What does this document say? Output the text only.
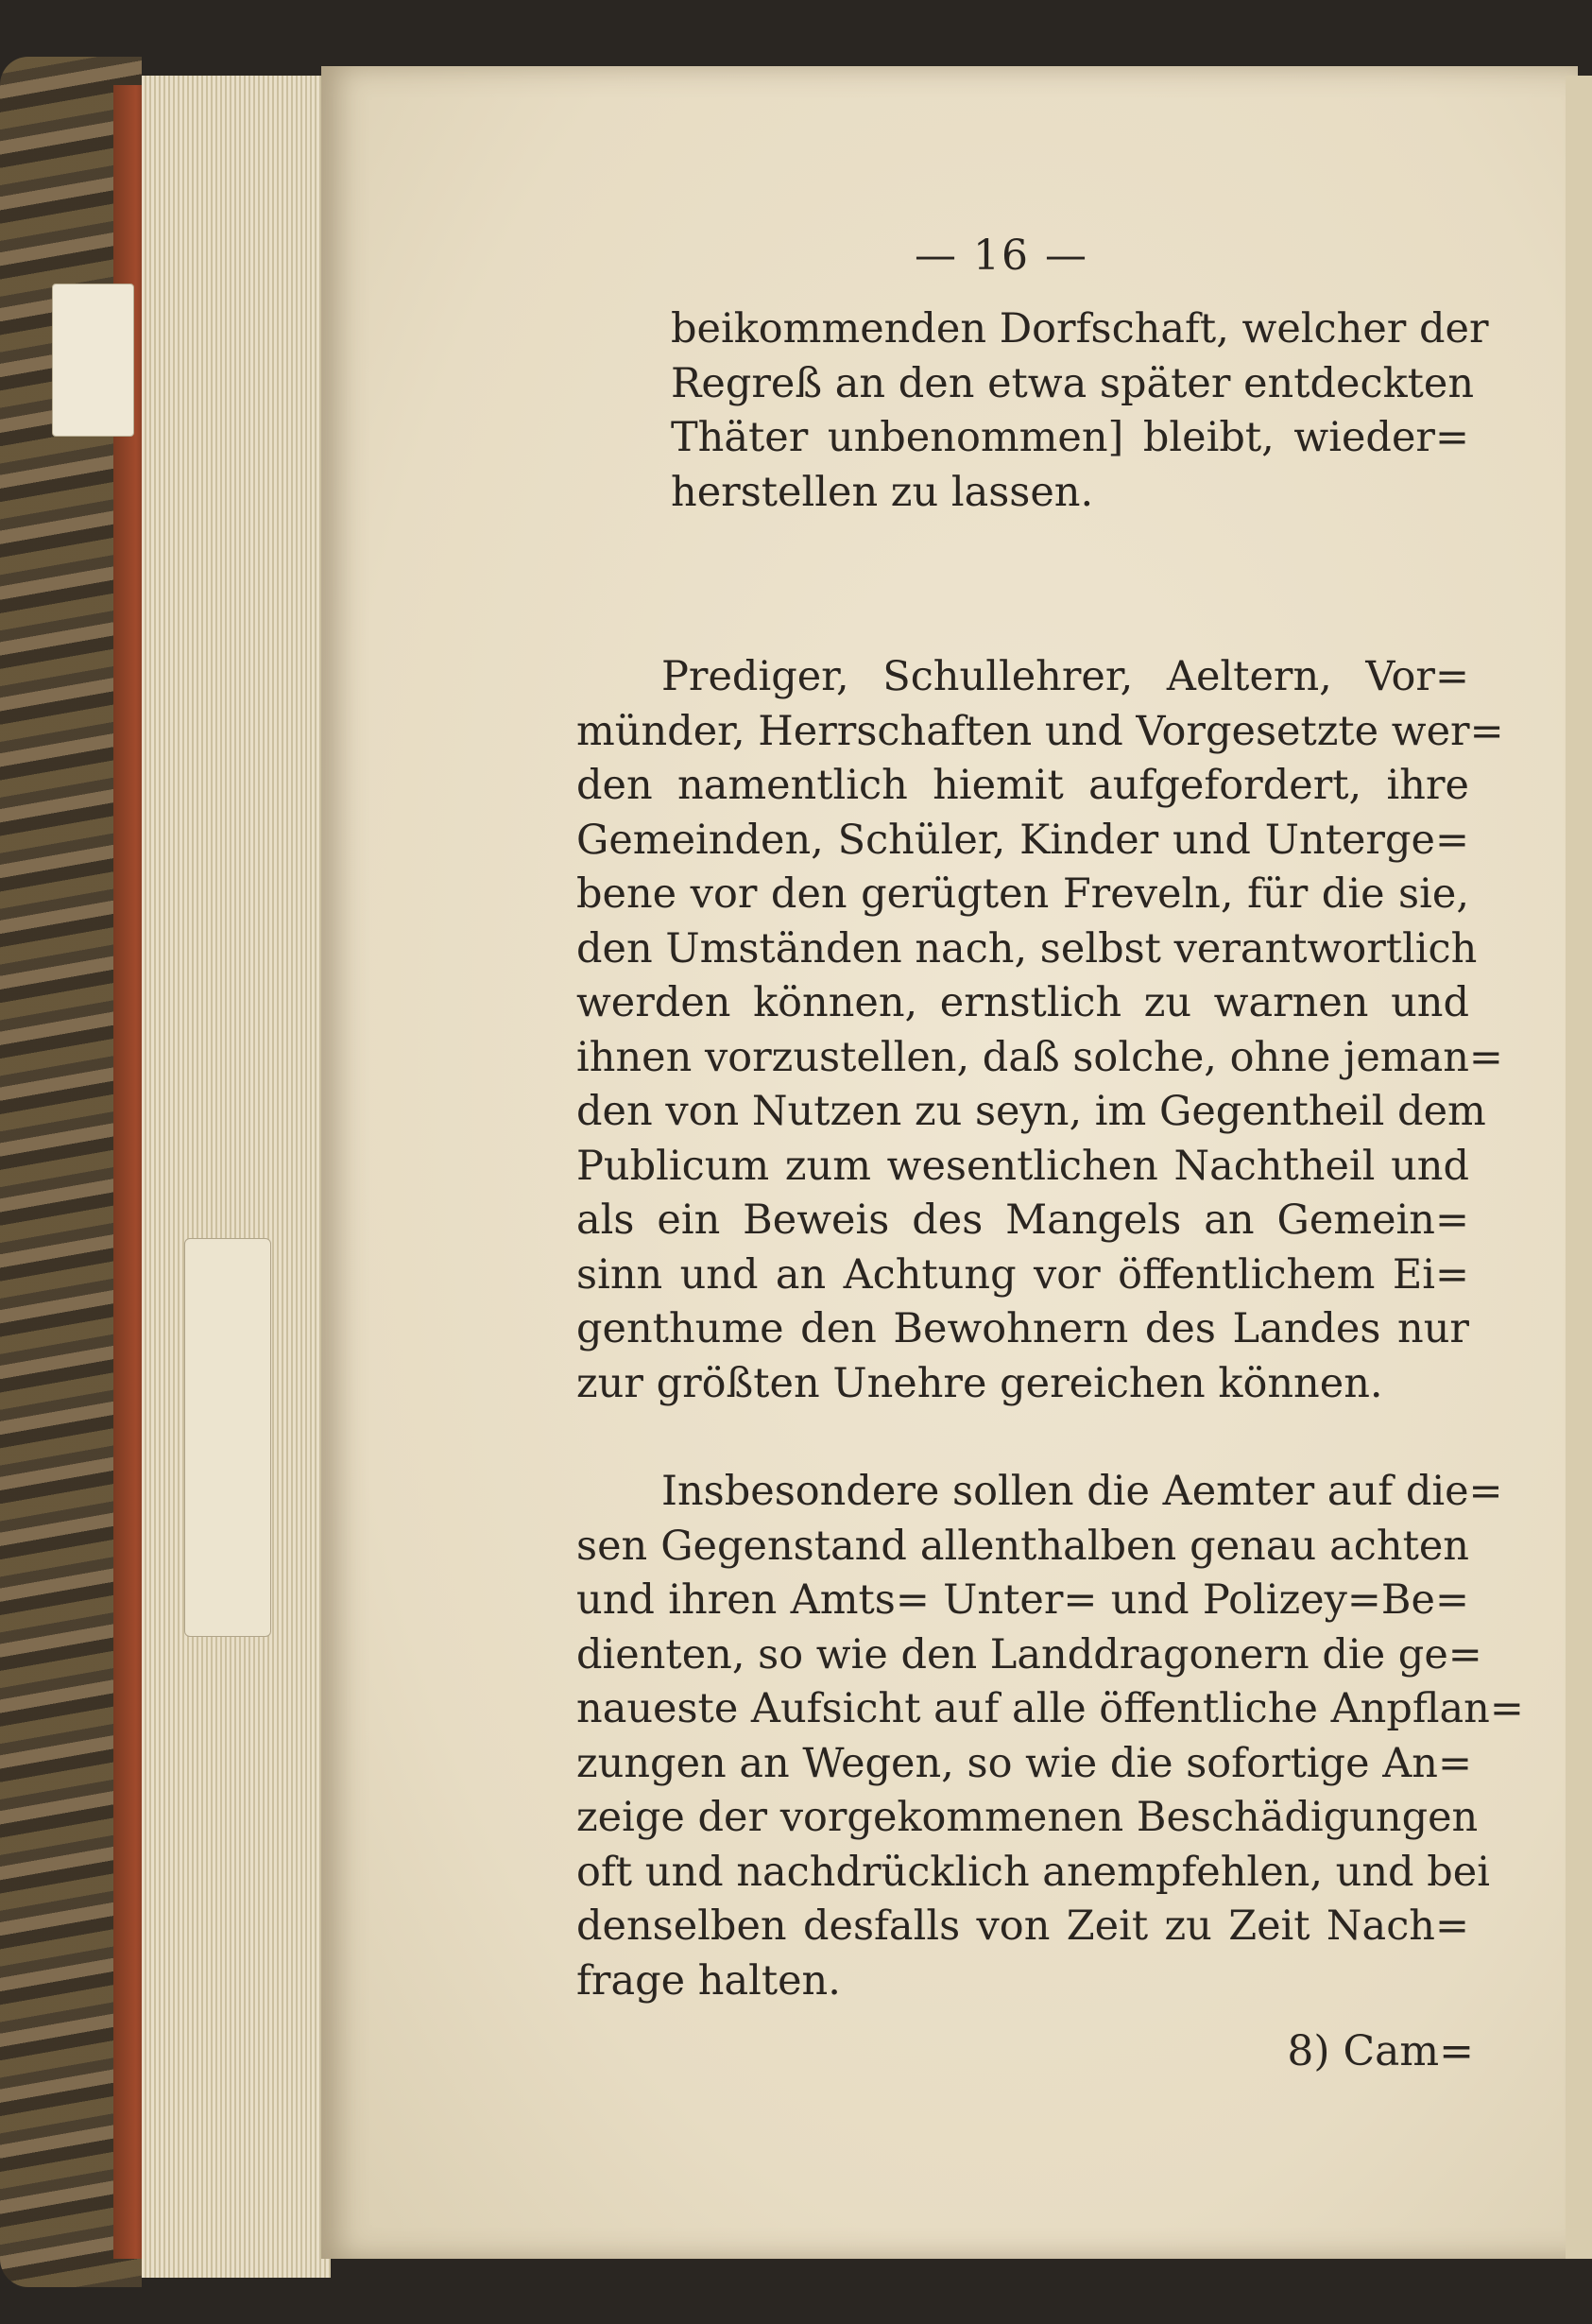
— 16 —
beikommenden Dorfschaft, welcher der
Regreß an den etwa später entdeckten
Thäter unbenommen] bleibt, wieder=
herstellen zu lassen.
Prediger, Schullehrer, Aeltern, Vor=
münder, Herrschaften und Vorgesetzte wer=
den namentlich hiemit aufgefordert, ihre
Gemeinden, Schüler, Kinder und Unterge=
bene vor den gerügten Freveln, für die sie,
den Umständen nach, selbst verantwortlich
werden können, ernstlich zu warnen und
ihnen vorzustellen, daß solche, ohne jeman=
den von Nutzen zu seyn, im Gegentheil dem
Publicum zum wesentlichen Nachtheil und
als ein Beweis des Mangels an Gemein=
sinn und an Achtung vor öffentlichem Ei=
genthume den Bewohnern des Landes nur
zur größten Unehre gereichen können.
Insbesondere sollen die Aemter auf die=
sen Gegenstand allenthalben genau achten
und ihren Amts= Unter= und Polizey=Be=
dienten, so wie den Landdragonern die ge=
naueste Aufsicht auf alle öffentliche Anpflan=
zungen an Wegen, so wie die sofortige An=
zeige der vorgekommenen Beschädigungen
oft und nachdrücklich anempfehlen, und bei
denselben desfalls von Zeit zu Zeit Nach=
frage halten.
8) Cam=
